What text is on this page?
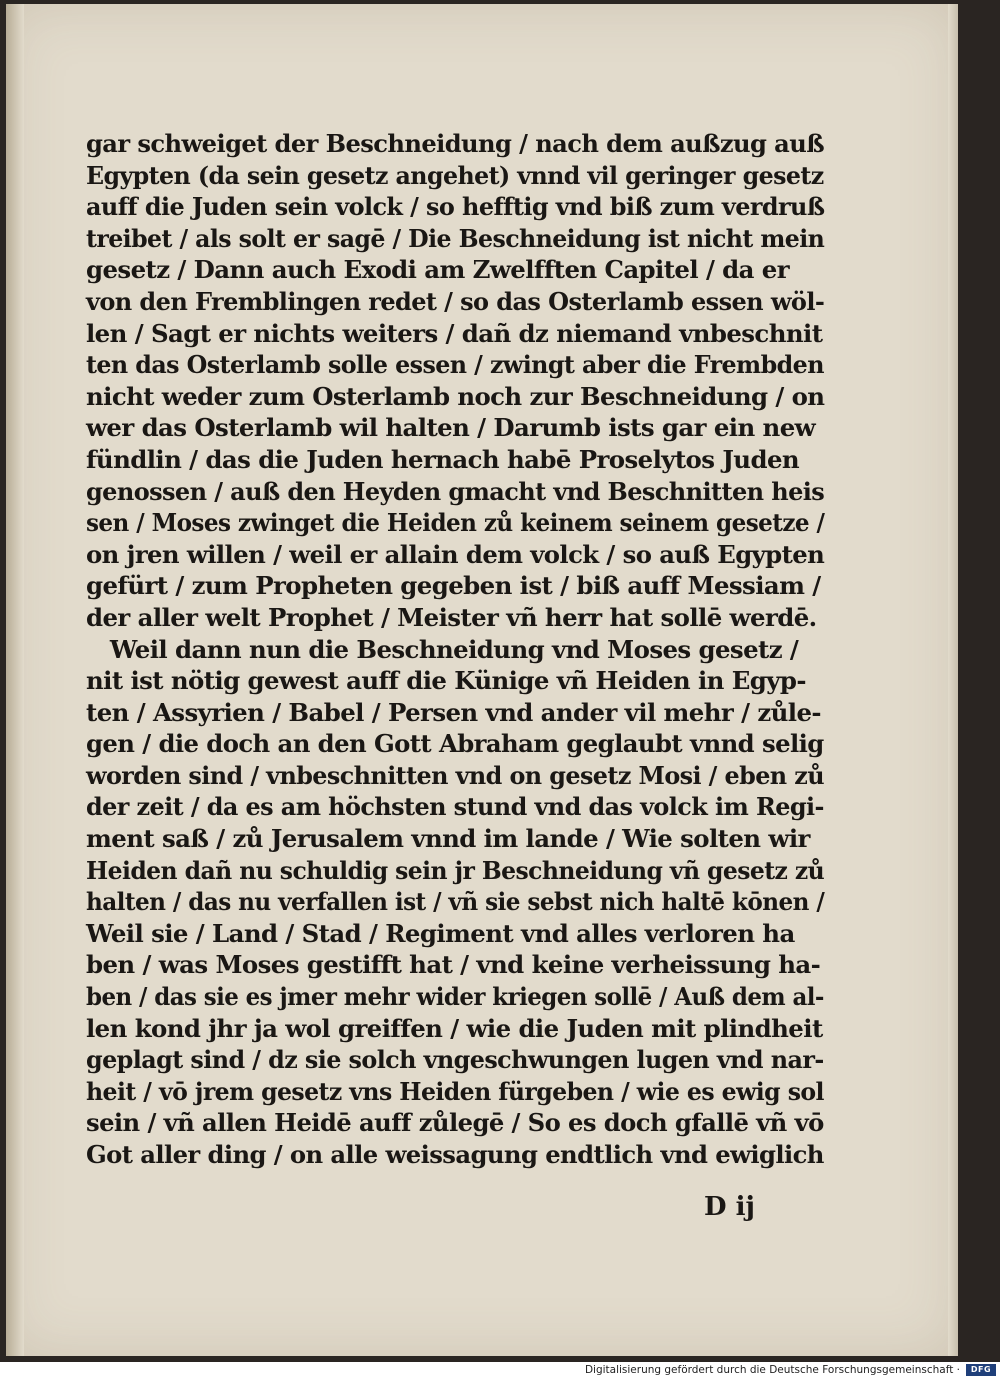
gar schweiget der Beschneidung / nach dem außzug auß
Egypten (da sein gesetz angehet) vnnd vil geringer gesetz
auff die Juden sein volck / so hefftig vnd biß zum verdruß
treibet / als solt er sagē / Die Beschneidung ist nicht mein
gesetz / Dann auch Exodi am Zwelfften Capitel / da er
von den Fremblingen redet / so das Osterlamb essen wöl-
len / Sagt er nichts weiters / dañ dz niemand vnbeschnit
ten das Osterlamb solle essen / zwingt aber die Frembden
nicht weder zum Osterlamb noch zur Beschneidung / on
wer das Osterlamb wil halten / Darumb ists gar ein new
fündlin / das die Juden hernach habē Proselytos Juden
genossen / auß den Heyden gmacht vnd Beschnitten heis
sen / Moses zwinget die Heiden zů keinem seinem gesetze /
on jren willen / weil er allain dem volck / so auß Egypten
gefürt / zum Propheten gegeben ist / biß auff Messiam /
der aller welt Prophet / Meister vñ herr hat sollē werdē.
Weil dann nun die Beschneidung vnd Moses gesetz /
nit ist nötig gewest auff die Künige vñ Heiden in Egyp-
ten / Assyrien / Babel / Persen vnd ander vil mehr / zůle-
gen / die doch an den Gott Abraham geglaubt vnnd selig
worden sind / vnbeschnitten vnd on gesetz Mosi / eben zů
der zeit / da es am höchsten stund vnd das volck im Regi-
ment saß / zů Jerusalem vnnd im lande / Wie solten wir
Heiden dañ nu schuldig sein jr Beschneidung vñ gesetz zů
halten / das nu verfallen ist / vñ sie sebst nich haltē kōnen /
Weil sie / Land / Stad / Regiment vnd alles verloren ha
ben / was Moses gestifft hat / vnd keine verheissung ha-
ben / das sie es jmer mehr wider kriegen sollē / Auß dem al-
len kond jhr ja wol greiffen / wie die Juden mit plindheit
geplagt sind / dz sie solch vngeschwungen lugen vnd nar-
heit / vō jrem gesetz vns Heiden fürgeben / wie es ewig sol
sein / vñ allen Heidē auff zůlegē / So es doch gfallē vñ vō
Got aller ding / on alle weissagung endtlich vnd ewiglich
D ij
Digitalisierung gefördert durch die Deutsche Forschungsgemeinschaft ·	DFG
